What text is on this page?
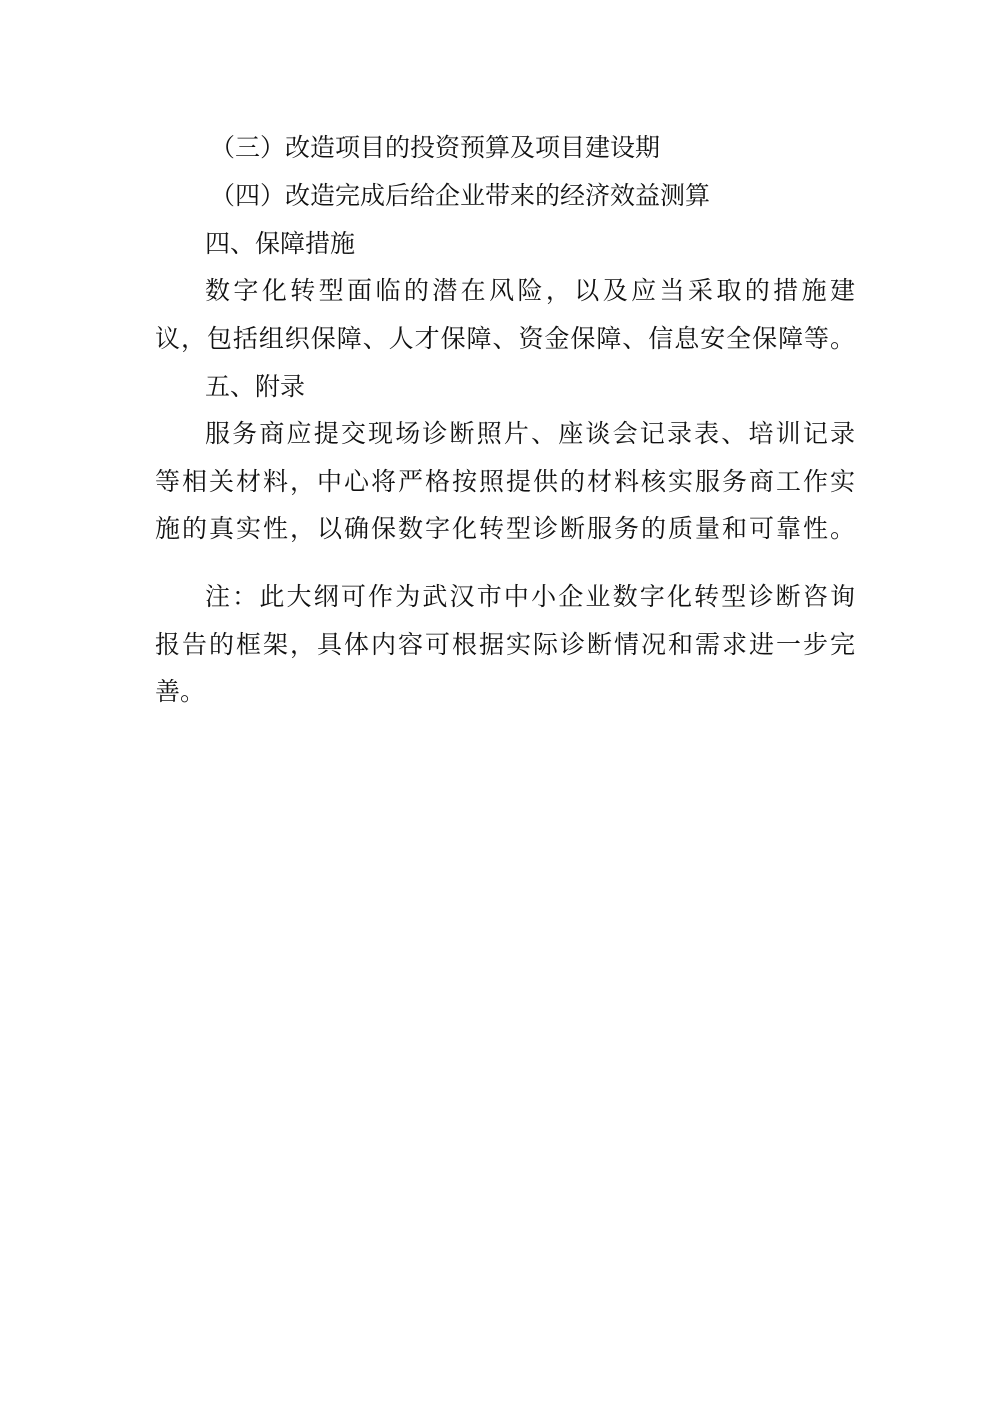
（三）改造项目的投资预算及项目建设期
（四）改造完成后给企业带来的经济效益测算
四、保障措施
数字化转型面临的潜在风险，以及应当采取的措施建
议，包括组织保障、人才保障、资金保障、信息安全保障等。
五、附录
服务商应提交现场诊断照片、座谈会记录表、培训记录
等相关材料，中心将严格按照提供的材料核实服务商工作实
施的真实性，以确保数字化转型诊断服务的质量和可靠性。
注：此大纲可作为武汉市中小企业数字化转型诊断咨询
报告的框架，具体内容可根据实际诊断情况和需求进一步完
善。
